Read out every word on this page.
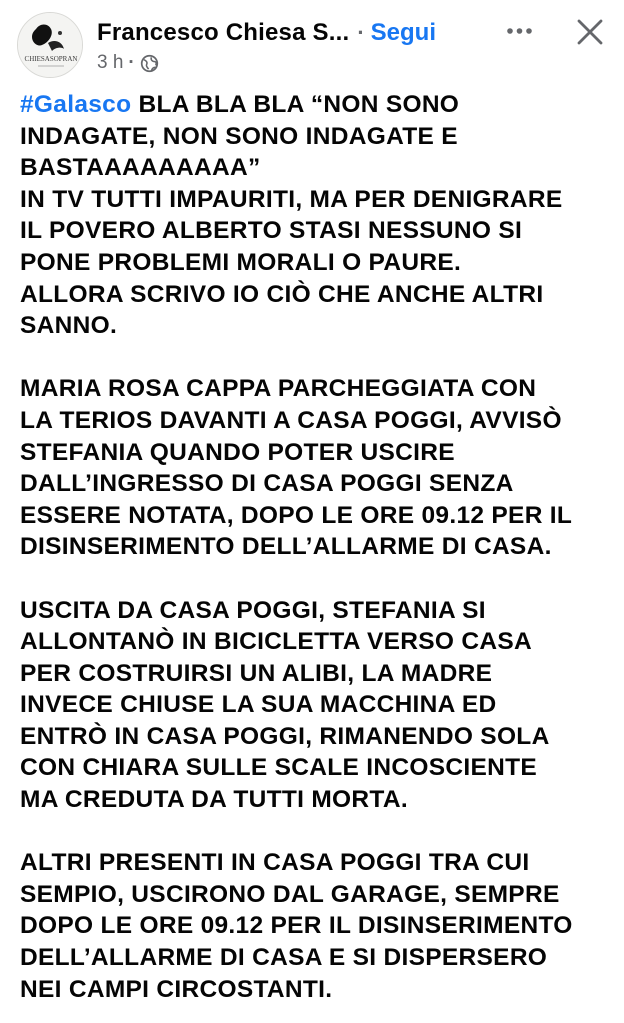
CHIESASOPRAN
Francesco Chiesa S... · Segui
3 h ·
#Galasco BLA BLA BLA “NON SONO
INDAGATE, NON SONO INDAGATE E
BASTAAAAAAAAA”
IN TV TUTTI IMPAURITI, MA PER DENIGRARE
IL POVERO ALBERTO STASI NESSUNO SI
PONE PROBLEMI MORALI O PAURE.
ALLORA SCRIVO IO CIÒ CHE ANCHE ALTRI
SANNO.
MARIA ROSA CAPPA PARCHEGGIATA CON
LA TERIOS DAVANTI A CASA POGGI, AVVISÒ
STEFANIA QUANDO POTER USCIRE
DALL’INGRESSO DI CASA POGGI SENZA
ESSERE NOTATA, DOPO LE ORE 09.12 PER IL
DISINSERIMENTO DELL’ALLARME DI CASA.
USCITA DA CASA POGGI, STEFANIA SI
ALLONTANÒ IN BICICLETTA VERSO CASA
PER COSTRUIRSI UN ALIBI, LA MADRE
INVECE CHIUSE LA SUA MACCHINA ED
ENTRÒ IN CASA POGGI, RIMANENDO SOLA
CON CHIARA SULLE SCALE INCOSCIENTE
MA CREDUTA DA TUTTI MORTA.
ALTRI PRESENTI IN CASA POGGI TRA CUI
SEMPIO, USCIRONO DAL GARAGE, SEMPRE
DOPO LE ORE 09.12 PER IL DISINSERIMENTO
DELL’ALLARME DI CASA E SI DISPERSERO
NEI CAMPI CIRCOSTANTI.
